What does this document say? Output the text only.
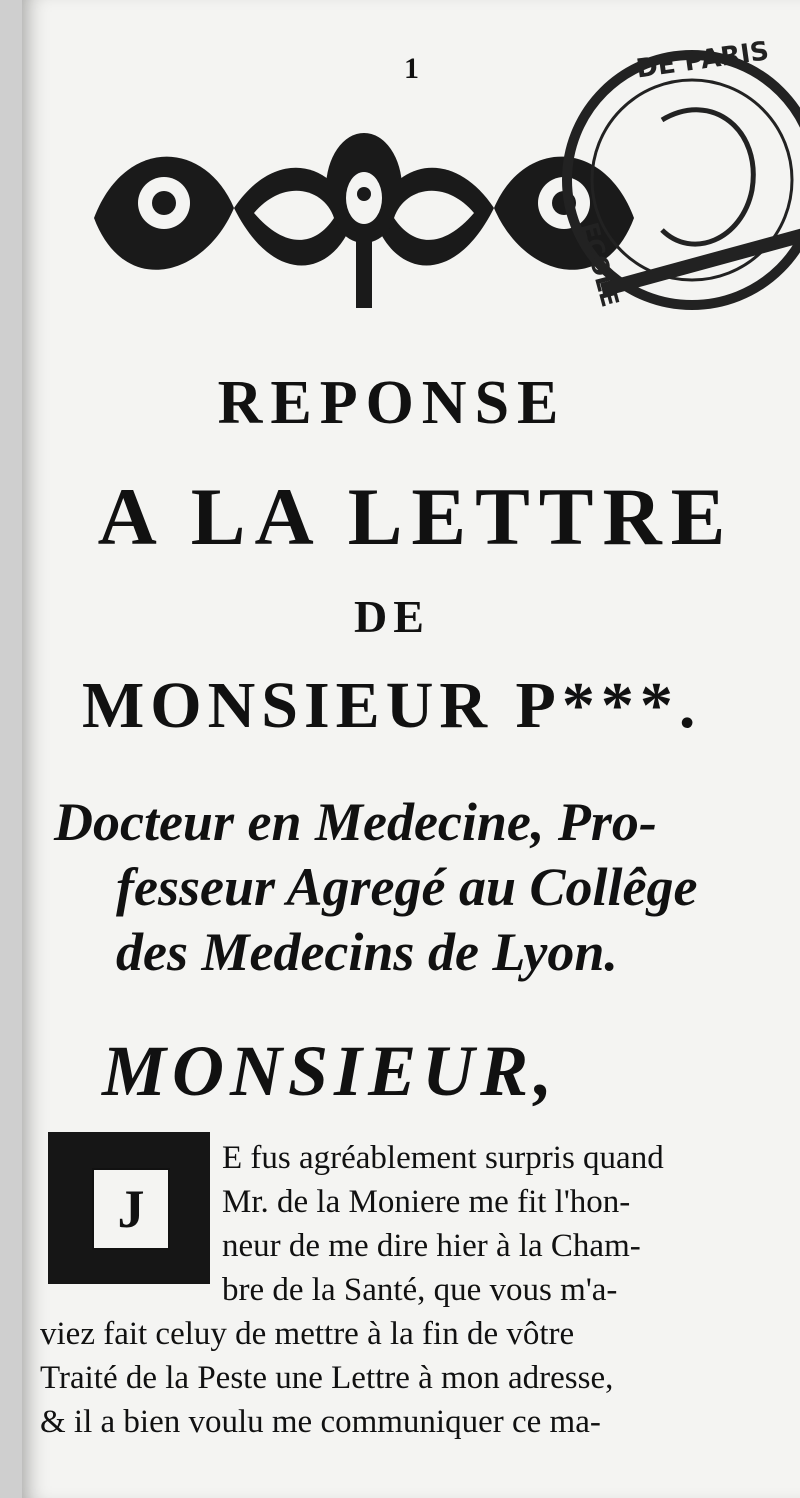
1	DE PARIS
ECOLE
REPONSE
A LA LETTRE
DE
MONSIEUR P***.
Docteur en Medecine, Pro-
fesseur Agregé au Collêge
des Medecins de Lyon.
MONSIEUR,
J
E fus agréablement surpris quand
Mr. de la Moniere me fit l'hon-
neur de me dire hier à la Cham-
bre de la Santé, que vous m'a-
viez fait celuy de mettre à la fin de vôtre
Traité de la Peste une Lettre à mon adresse,
& il a bien voulu me communiquer ce ma-
